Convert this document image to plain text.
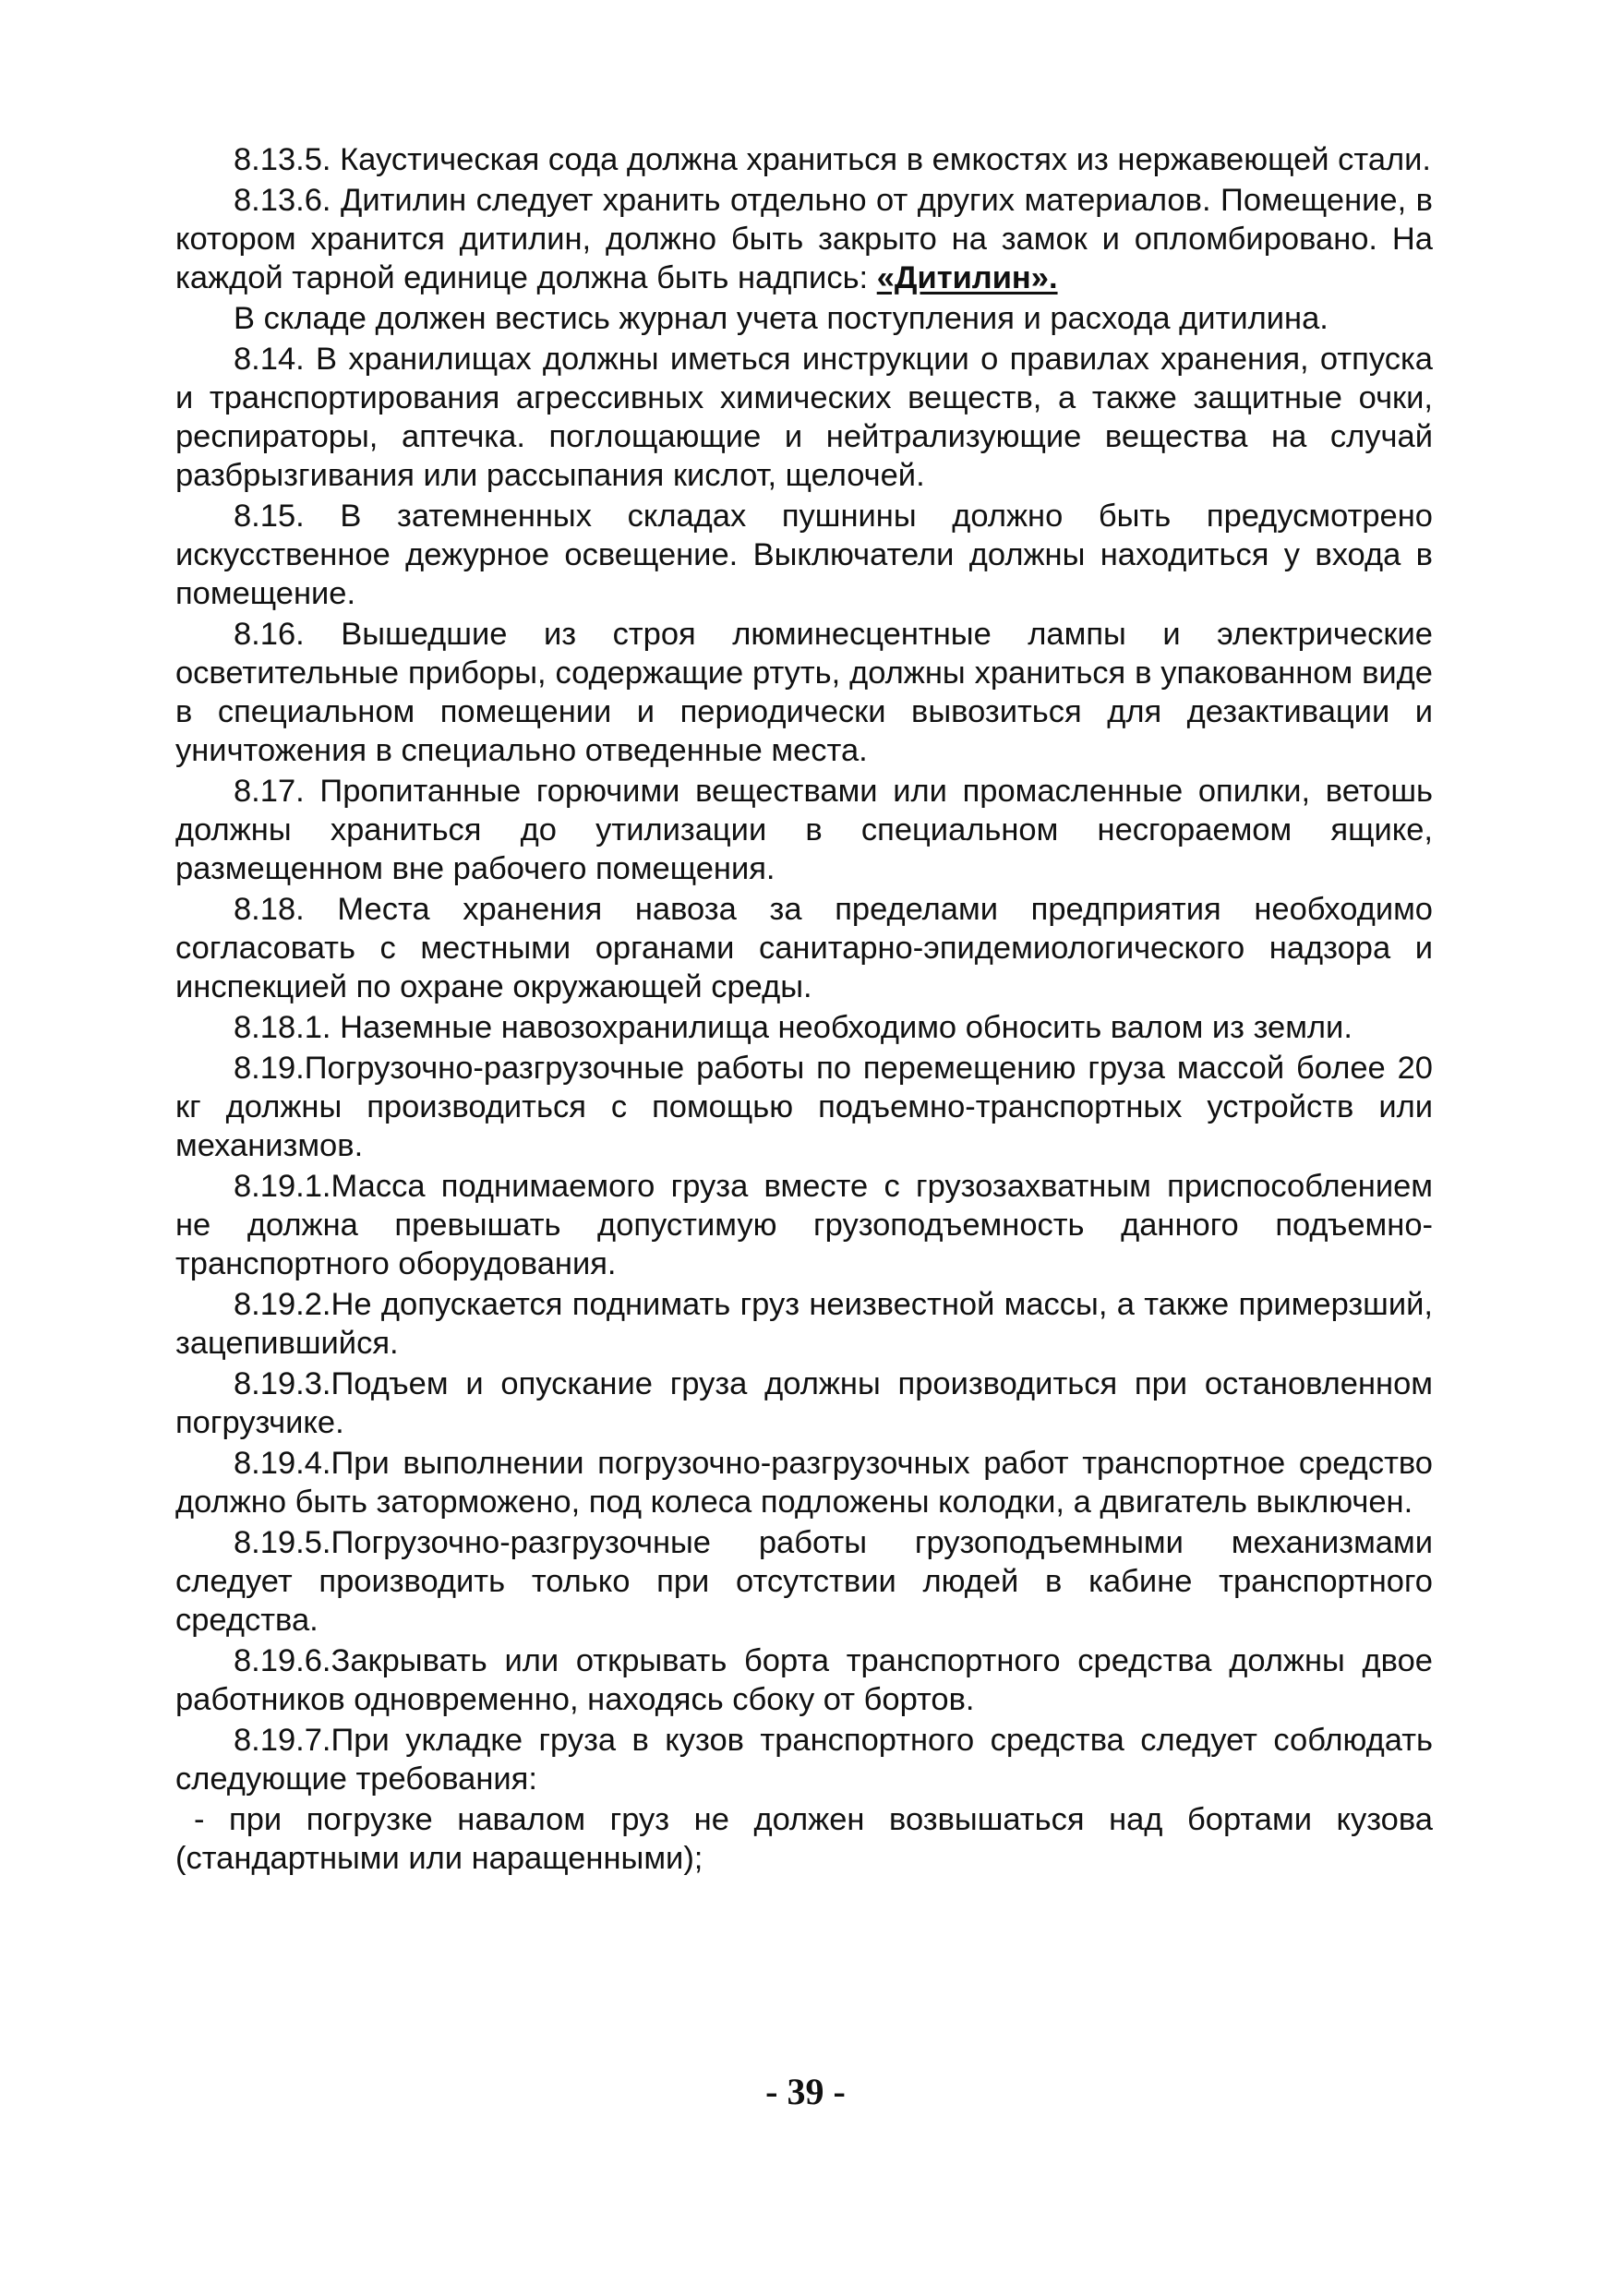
8.13.5. Каустическая сода должна храниться в емкостях из нержавеющей стали.

8.13.6. Дитилин следует хранить отдельно от других материалов. Помещение, в котором хранится дитилин, должно быть закрыто на замок и опломбировано. На каждой тарной единице должна быть надпись: «Дитилин».

В складе должен вестись журнал учета поступления и расхода дитилина.

8.14. В хранилищах должны иметься инструкции о правилах хранения, отпуска и транспортирования агрессивных химических веществ, а также защитные очки, респираторы, аптечка. поглощающие и нейтрализующие вещества на случай разбрызгивания или рассыпания кислот, щелочей.

8.15. В затемненных складах пушнины должно быть предусмотрено искусственное дежурное освещение. Выключатели должны находиться у входа в помещение.

8.16. Вышедшие из строя люминесцентные лампы и электрические осветительные приборы, содержащие ртуть, должны храниться в упакованном виде в специальном помещении и периодически вывозиться для дезактивации и уничтожения в специально отведенные места.

8.17. Пропитанные горючими веществами или промасленные опилки, ветошь должны храниться до утилизации в специальном несгораемом ящике, размещенном вне рабочего помещения.

8.18. Места хранения навоза за пределами предприятия необходимо согласовать с местными органами санитарно-эпидемиологического надзора и инспекцией по охране окружающей среды.

8.18.1. Наземные навозохранилища необходимо обносить валом из земли.

8.19.Погрузочно-разгрузочные работы по перемещению груза массой более 20 кг должны производиться с помощью подъемно-транспортных устройств или механизмов.

8.19.1.Масса поднимаемого груза вместе с грузозахватным приспособлением не должна превышать допустимую грузоподъемность данного подъемно-транспортного оборудования.

8.19.2.Не допускается поднимать груз неизвестной массы, а также примерзший, зацепившийся.

8.19.3.Подъем и опускание груза должны производиться при остановленном погрузчике.

8.19.4.При выполнении погрузочно-разгрузочных работ транспортное средство должно быть заторможено, под колеса подложены колодки, а двигатель выключен.

8.19.5.Погрузочно-разгрузочные работы грузоподъемными механизмами следует производить только при отсутствии людей в кабине транспортного средства.

8.19.6.Закрывать или открывать борта транспортного средства должны двое работников одновременно, находясь сбоку от бортов.

8.19.7.При укладке груза в кузов транспортного средства следует соблюдать следующие требования:

- при погрузке навалом груз не должен возвышаться над бортами кузова (стандартными или наращенными);

- 39 -
